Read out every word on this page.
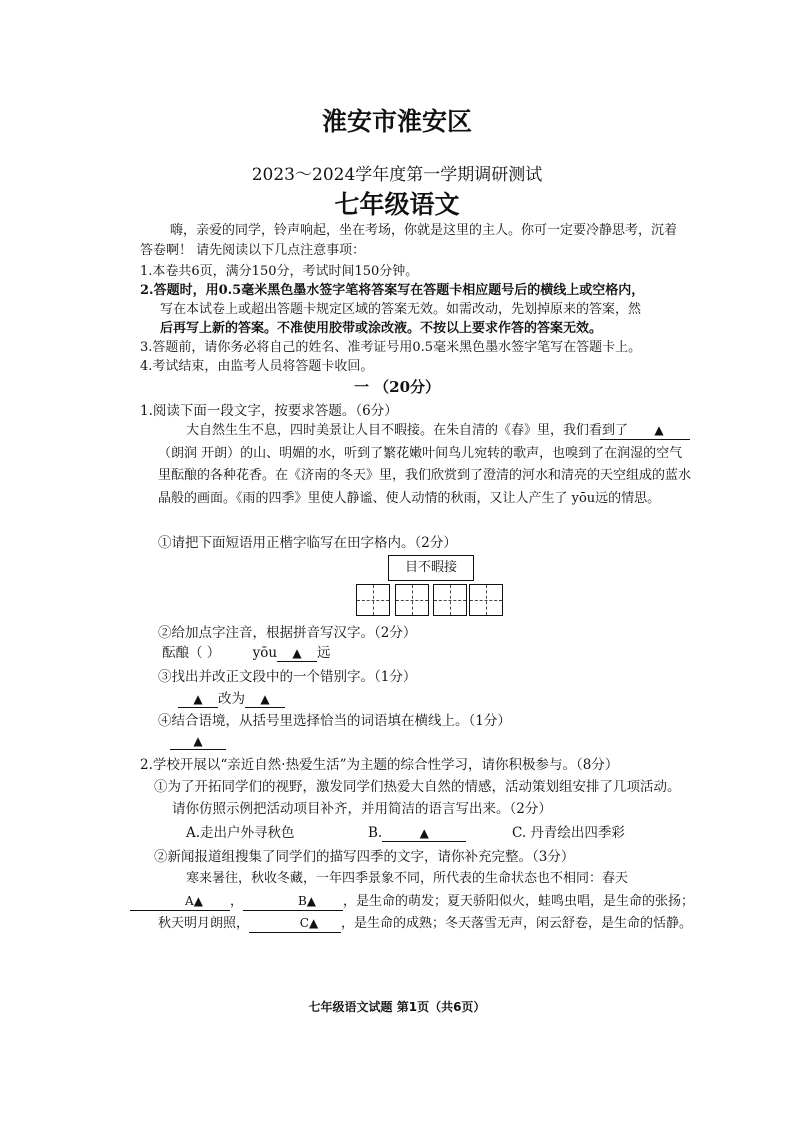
淮安市淮安区
2023～2024学年度第一学期调研测试
七年级语文
嗨，亲爱的同学，铃声响起，坐在考场，你就是这里的主人。你可一定要冷静思考，沉着答卷啊！ 请先阅读以下几点注意事项：
1.本卷共6页，满分150分，考试时间150分钟。
2.答题时，用0.5毫米黑色墨水签字笔将答案写在答题卡相应题号后的横线上或空格内，
写在本试卷上或超出答题卡规定区域的答案无效。如需改动，先划掉原来的答案，然
后再写上新的答案。不准使用胶带或涂改液。不按以上要求作答的答案无效。
3.答题前，请你务必将自己的姓名、准考证号用0.5毫米黑色墨水签字笔写在答题卡上。
4.考试结束，由监考人员将答题卡收回。
一 （20分）
1.阅读下面一段文字，按要求答题。（6分）
大自然生生不息，四时美景让人目不暇接。在朱自清的《春》里，我们看到了 ▲（朗润 开朗）的山、明媚的水，听到了繁花嫩叶间鸟儿宛转的歌声，也嗅到了在润湿的空气里酝酿的各种花香。在《济南的冬天》里，我们欣赏到了澄清的河水和清亮的天空组成的蓝水晶般的画面。《雨的四季》里使人静谧、使人动情的秋雨，又让人产生了 yōu远的情思。
①请把下面短语用正楷字临写在田字格内。（2分）
目不暇接
②给加点字注音，根据拼音写汉字。（2分）
酝酿（ ） yōu ▲ 远
③找出并改正文段中的一个错别字。（1分）
▲ 改为 ▲
④结合语境，从括号里选择恰当的词语填在横线上。（1分）
▲
2.学校开展以“亲近自然·热爱生活”为主题的综合性学习，请你积极参与。（8分）
①为了开拓同学们的视野，激发同学们热爱大自然的情感，活动策划组安排了几项活动。
请你仿照示例把活动项目补齐，并用简洁的语言写出来。（2分）
A.走出户外寻秋色	B.	▲	C. 丹青绘出四季彩
②新闻报道组搜集了同学们的描写四季的文字，请你补充完整。（3分）
寒来暑往，秋收冬藏，一年四季景象不同，所代表的生命状态也不相同：春天A▲ ，	B▲ ，是生命的萌发；夏天骄阳似火，蛙鸣虫唱，是生命的张扬；秋天明月朗照，	C▲ ，是生命的成熟；冬天落雪无声，闲云舒卷，是生命的恬静。
七年级语文试题 第1页（共6页）
